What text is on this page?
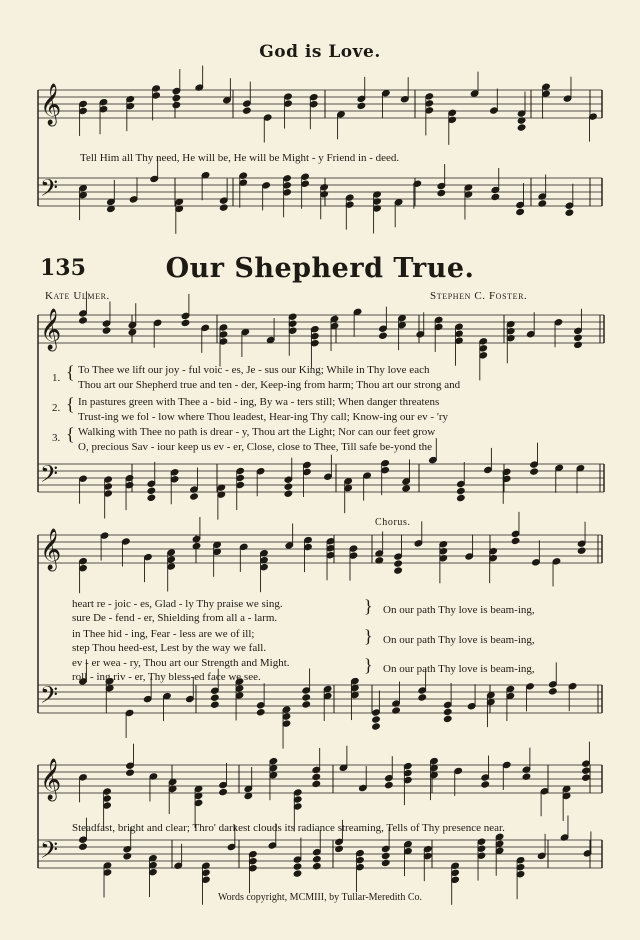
𝄞
𝄢
𝄞
𝄢
𝄞
𝄢
𝄞
𝄢
God is Love.
Tell Him all Thy need, He will be, He will be Might - y Friend in - deed.
135	Our Shepherd True.
Kate Ulmer.	Stephen C. Foster.
1. { To Thee we lift our joy - ful voic - es, Je - sus our King; While in Thy love each
Thou art our Shepherd true and ten - der, Keep-ing from harm; Thou art our strong and
2. { In pastures green with Thee a - bid - ing, By wa - ters still; When danger threatens
Trust-ing we fol - low where Thou leadest, Hear-ing Thy call; Know-ing our ev - 'ry
3. { Walking with Thee no path is drear - y, Thou art the Light; Nor can our feet grow
O, precious Sav - iour keep us ev - er, Close, close to Thee, Till safe be-yond the
Chorus.
heart re - joic - es, Glad - ly Thy praise we sing.
sure De - fend - er, Shielding from all a - larm.
} On our path Thy love is beam-ing,
in Thee hid - ing, Fear - less are we of ill;
step Thou heed-est, Lest by the way we fall.
} On our path Thy love is beam-ing,
ev - er wea - ry, Thou art our Strength and Might.
roll - ing riv - er, Thy bless-ed face we see.
} On our path Thy love is beam-ing,
Steadfast, bright and clear; Thro' darkest clouds its radiance streaming, Tells of Thy presence near.
Words copyright, MCMIII, by Tullar-Meredith Co.
